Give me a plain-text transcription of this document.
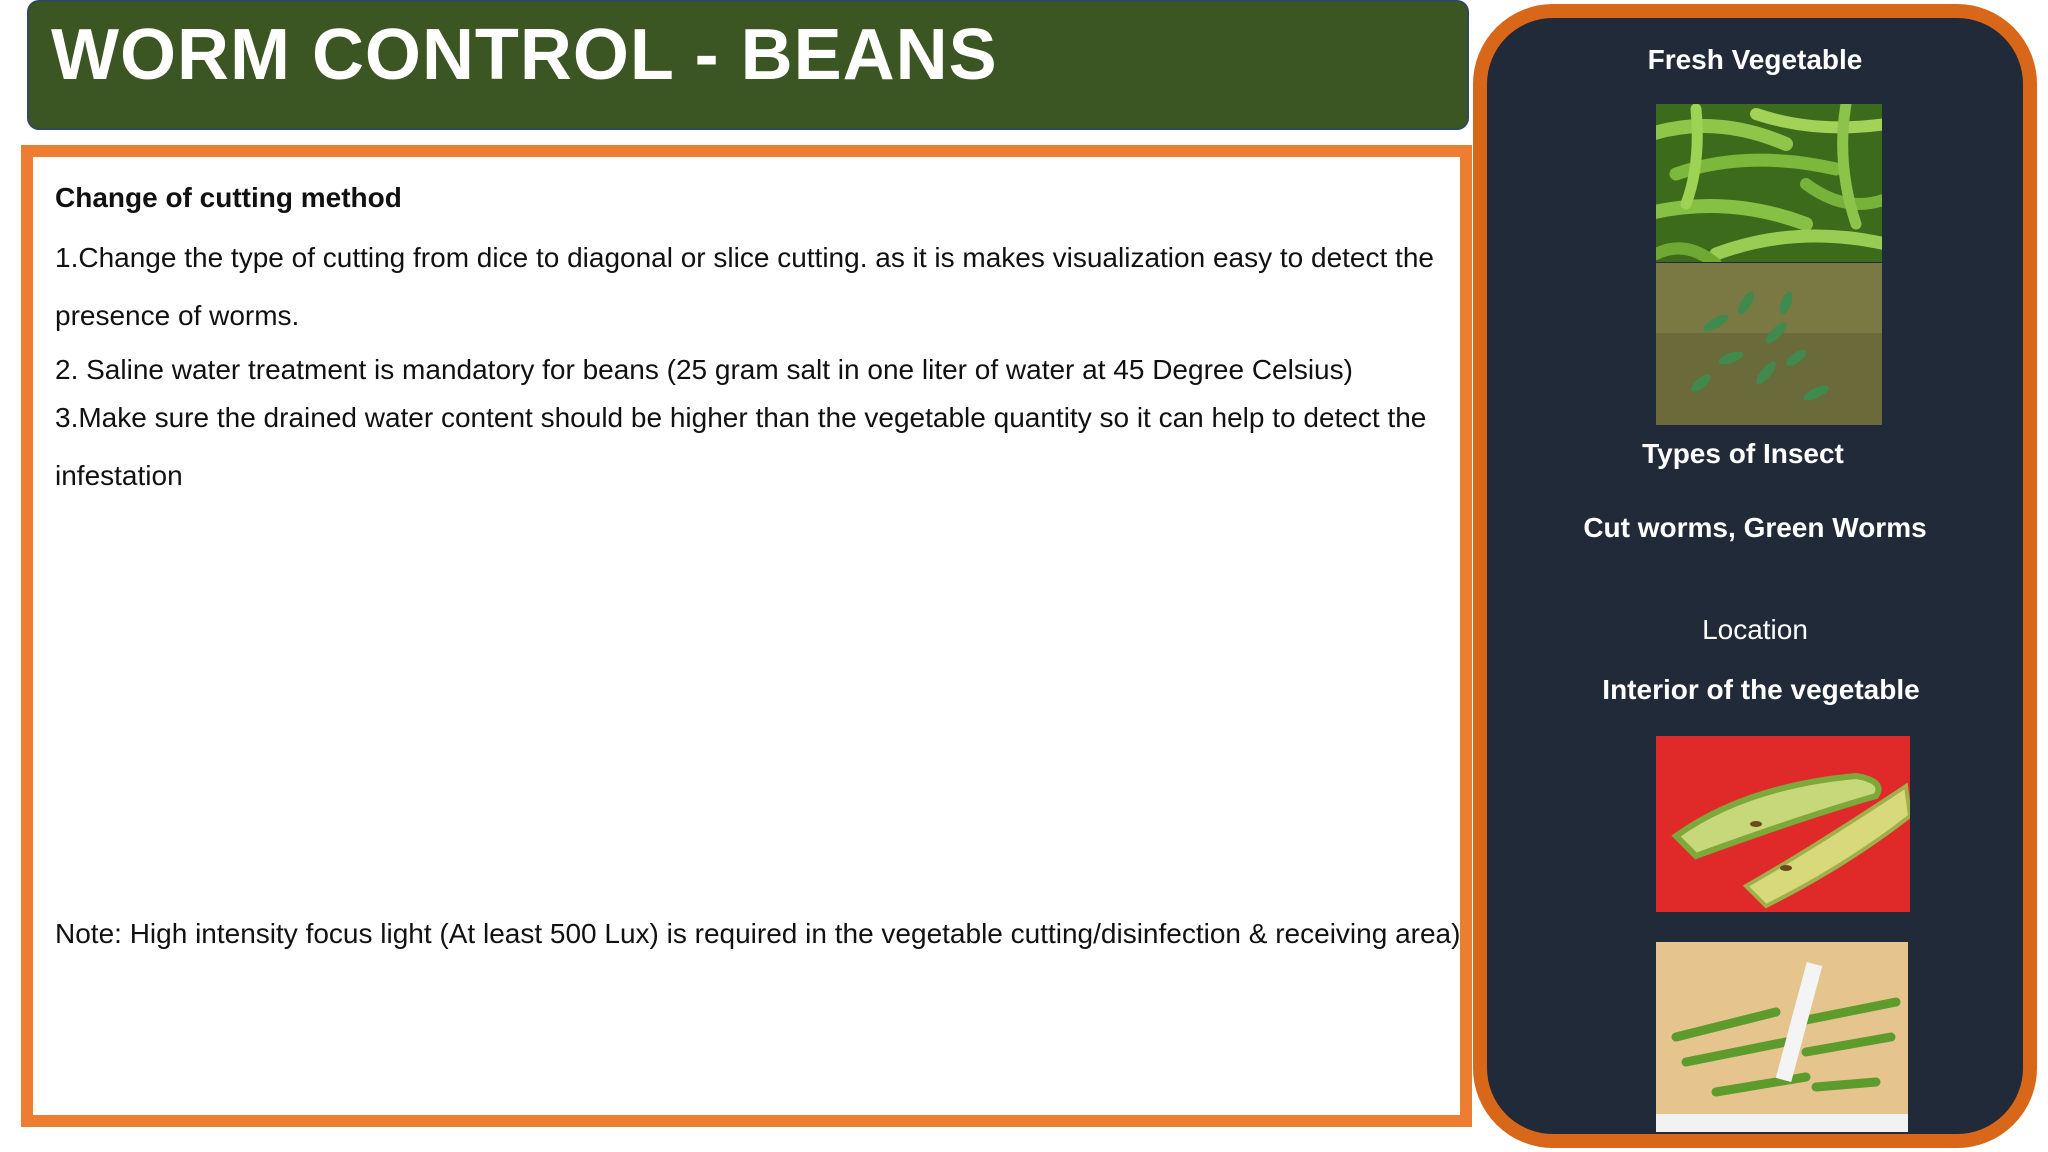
WORM CONTROL - BEANS

Change of cutting method

1.Change the type of cutting from dice to diagonal or slice cutting. as it is makes visualization easy to detect the presence of worms.

2. Saline water treatment is mandatory for beans (25 gram salt in one liter of water at 45 Degree Celsius)

3.Make sure the drained water content should be higher than the vegetable quantity so it can help to detect the infestation

Note: High intensity focus light (At least 500 Lux) is required in the vegetable cutting/disinfection & receiving area)

Fresh Vegetable

Types of Insect

Cut worms, Green Worms

Location

Interior of the vegetable
